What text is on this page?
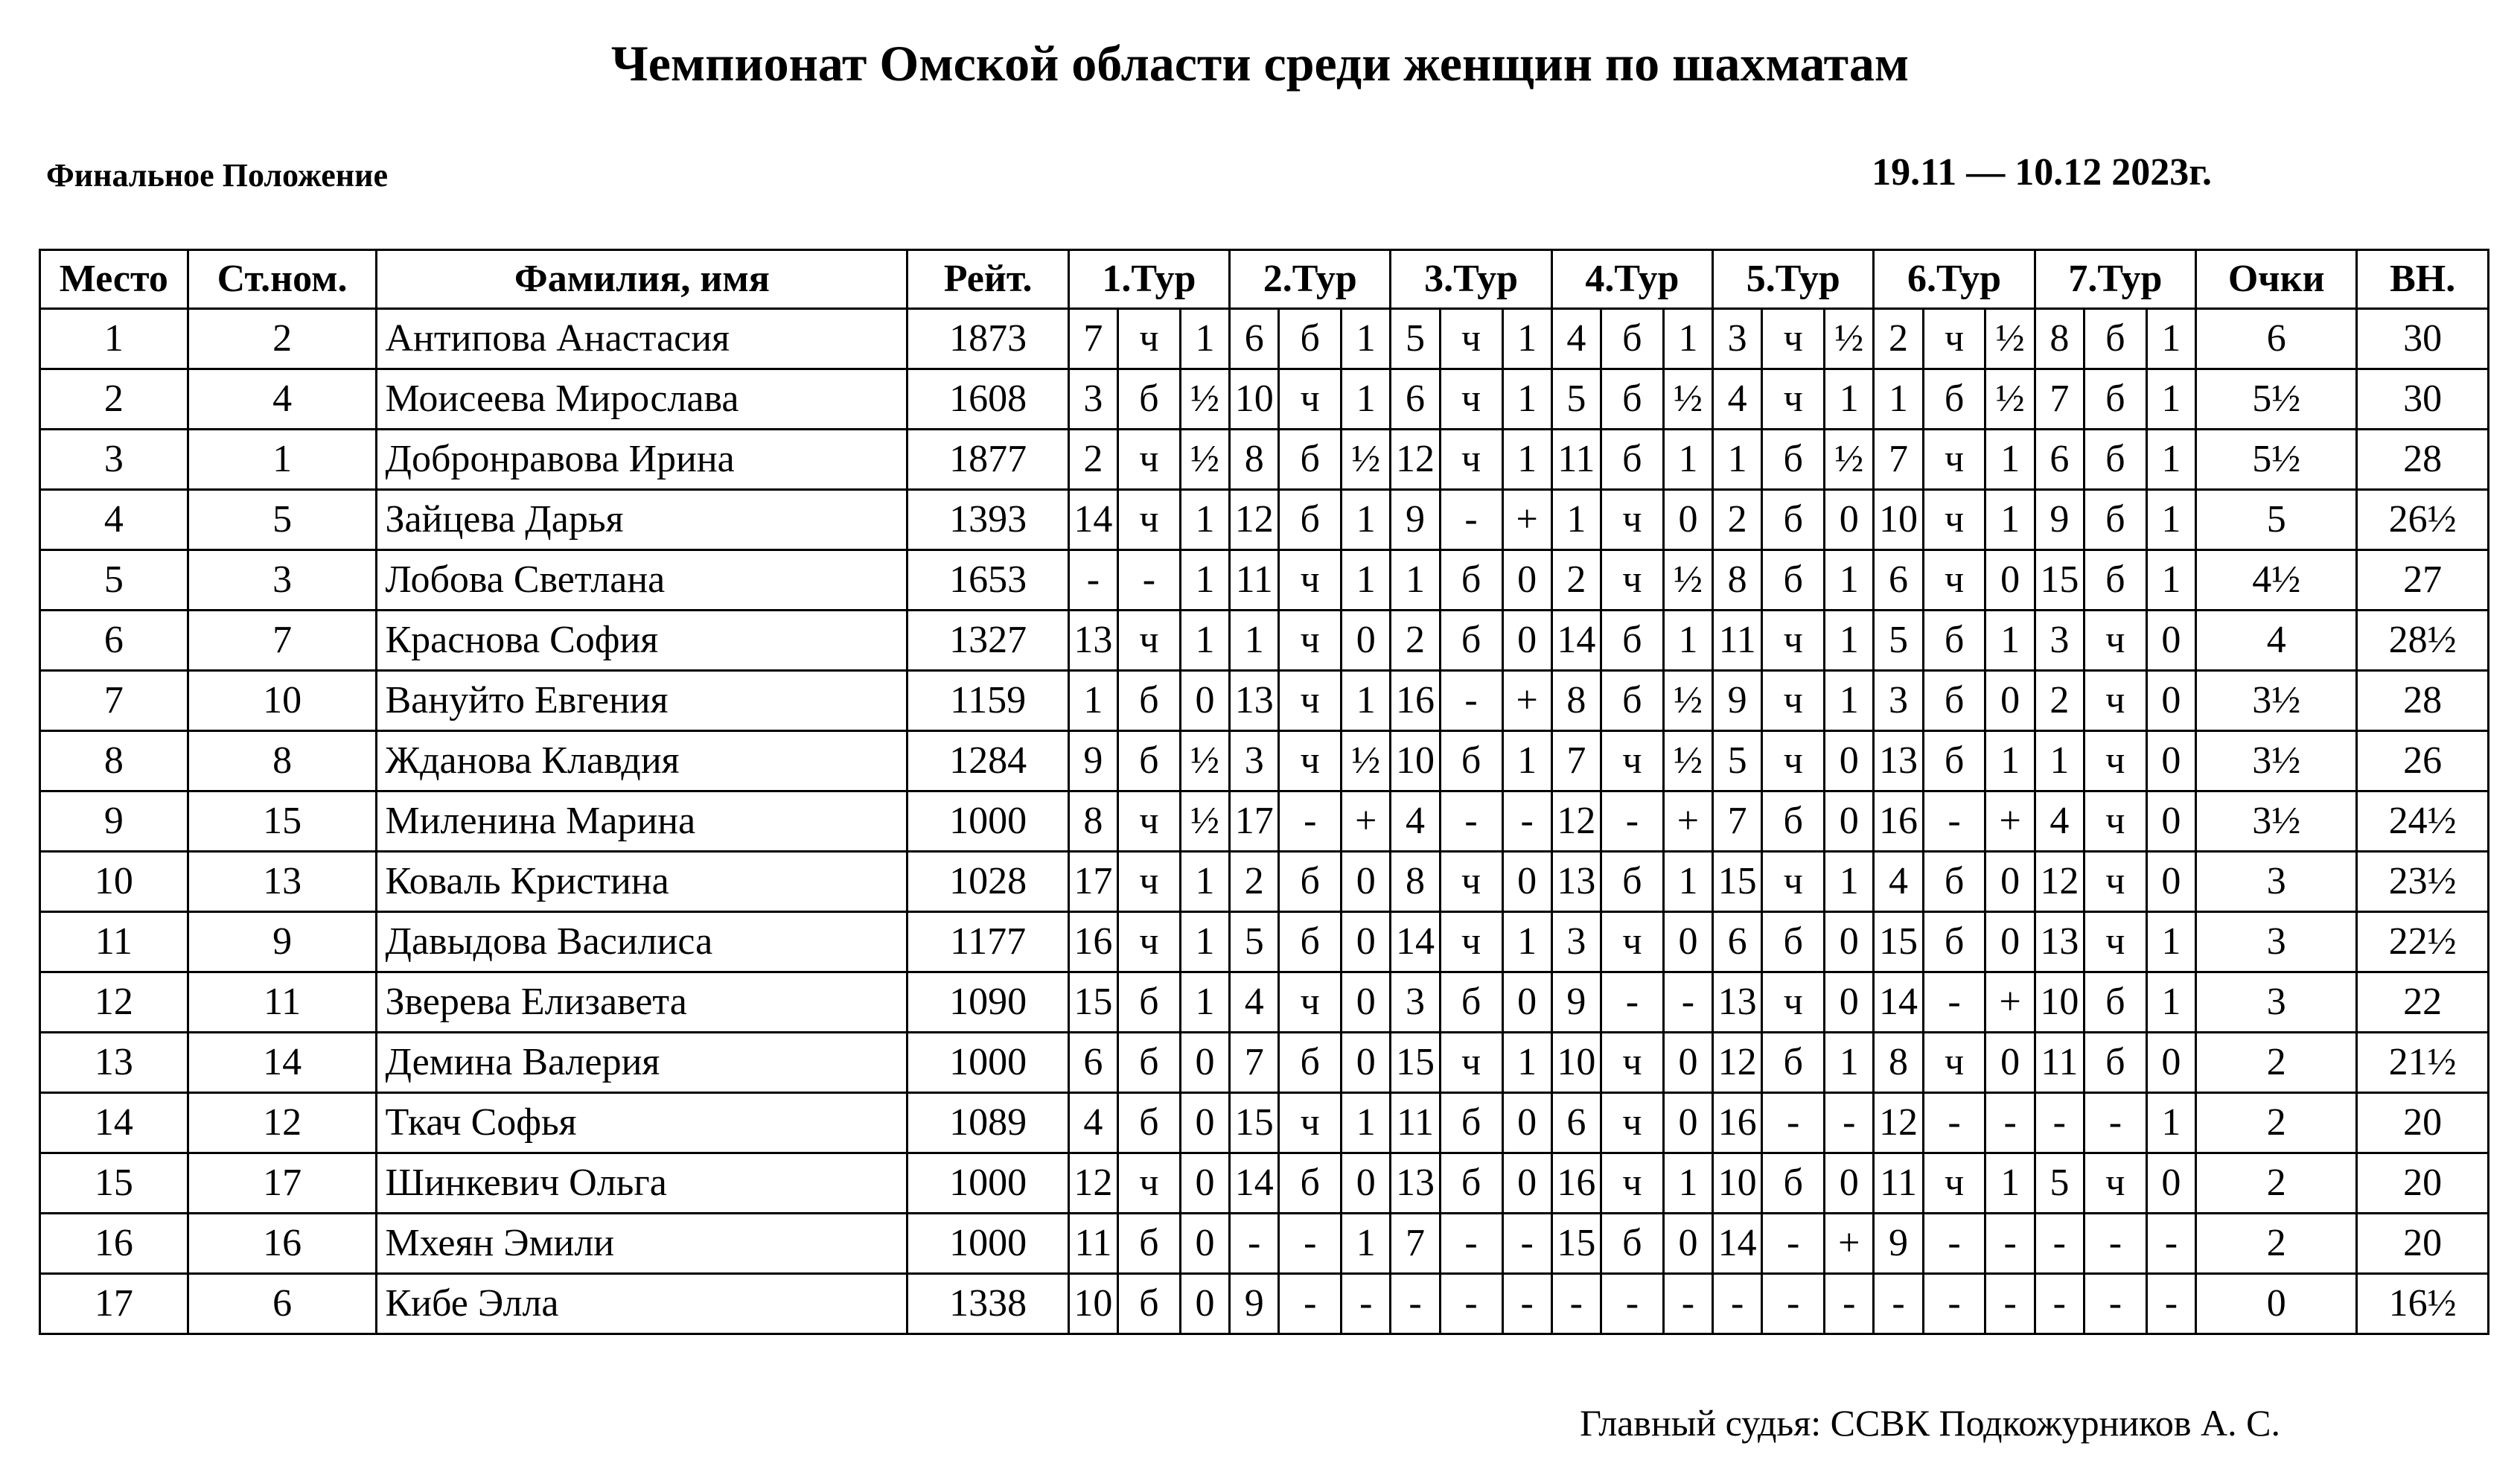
Чемпионат Омской области среди женщин по шахматам
Финальное Положение	19.11 — 10.12 2023г.
Место	Ст.ном.	Фамилия, имя	Рейт.	1.Тур			2.Тур			3.Тур			4.Тур			5.Тур			6.Тур			7.Тур			Очки	ВН.
1	2	Антипова Анастасия	1873	7	ч	1	6	б	1	5	ч	1	4	б	1	3	ч	½	2	ч	½	8	б	1	6	30
2	4	Моисеева Мирослава	1608	3	б	½	10	ч	1	6	ч	1	5	б	½	4	ч	1	1	б	½	7	б	1	5½	30
3	1	Добронравова Ирина	1877	2	ч	½	8	б	½	12	ч	1	11	б	1	1	б	½	7	ч	1	6	б	1	5½	28
4	5	Зайцева Дарья	1393	14	ч	1	12	б	1	9	-	+	1	ч	0	2	б	0	10	ч	1	9	б	1	5	26½
5	3	Лобова Светлана	1653	-	-	1	11	ч	1	1	б	0	2	ч	½	8	б	1	6	ч	0	15	б	1	4½	27
6	7	Краснова София	1327	13	ч	1	1	ч	0	2	б	0	14	б	1	11	ч	1	5	б	1	3	ч	0	4	28½
7	10	Вануйто Евгения	1159	1	б	0	13	ч	1	16	-	+	8	б	½	9	ч	1	3	б	0	2	ч	0	3½	28
8	8	Жданова Клавдия	1284	9	б	½	3	ч	½	10	б	1	7	ч	½	5	ч	0	13	б	1	1	ч	0	3½	26
9	15	Миленина Марина	1000	8	ч	½	17	-	+	4	-	-	12	-	+	7	б	0	16	-	+	4	ч	0	3½	24½
10	13	Коваль Кристина	1028	17	ч	1	2	б	0	8	ч	0	13	б	1	15	ч	1	4	б	0	12	ч	0	3	23½
11	9	Давыдова Василиса	1177	16	ч	1	5	б	0	14	ч	1	3	ч	0	6	б	0	15	б	0	13	ч	1	3	22½
12	11	Зверева Елизавета	1090	15	б	1	4	ч	0	3	б	0	9	-	-	13	ч	0	14	-	+	10	б	1	3	22
13	14	Демина Валерия	1000	6	б	0	7	б	0	15	ч	1	10	ч	0	12	б	1	8	ч	0	11	б	0	2	21½
14	12	Ткач Софья	1089	4	б	0	15	ч	1	11	б	0	6	ч	0	16	-	-	12	-	-	-	-	1	2	20
15	17	Шинкевич Ольга	1000	12	ч	0	14	б	0	13	б	0	16	ч	1	10	б	0	11	ч	1	5	ч	0	2	20
16	16	Мхеян Эмили	1000	11	б	0	-	-	1	7	-	-	15	б	0	14	-	+	9	-	-	-	-	-	2	20
17	6	Кибе Элла	1338	10	б	0	9	-	-	-	-	-	-	-	-	-	-	-	-	-	-	-	-	-	0	16½
Главный судья: ССВК Подкожурников А. С.
